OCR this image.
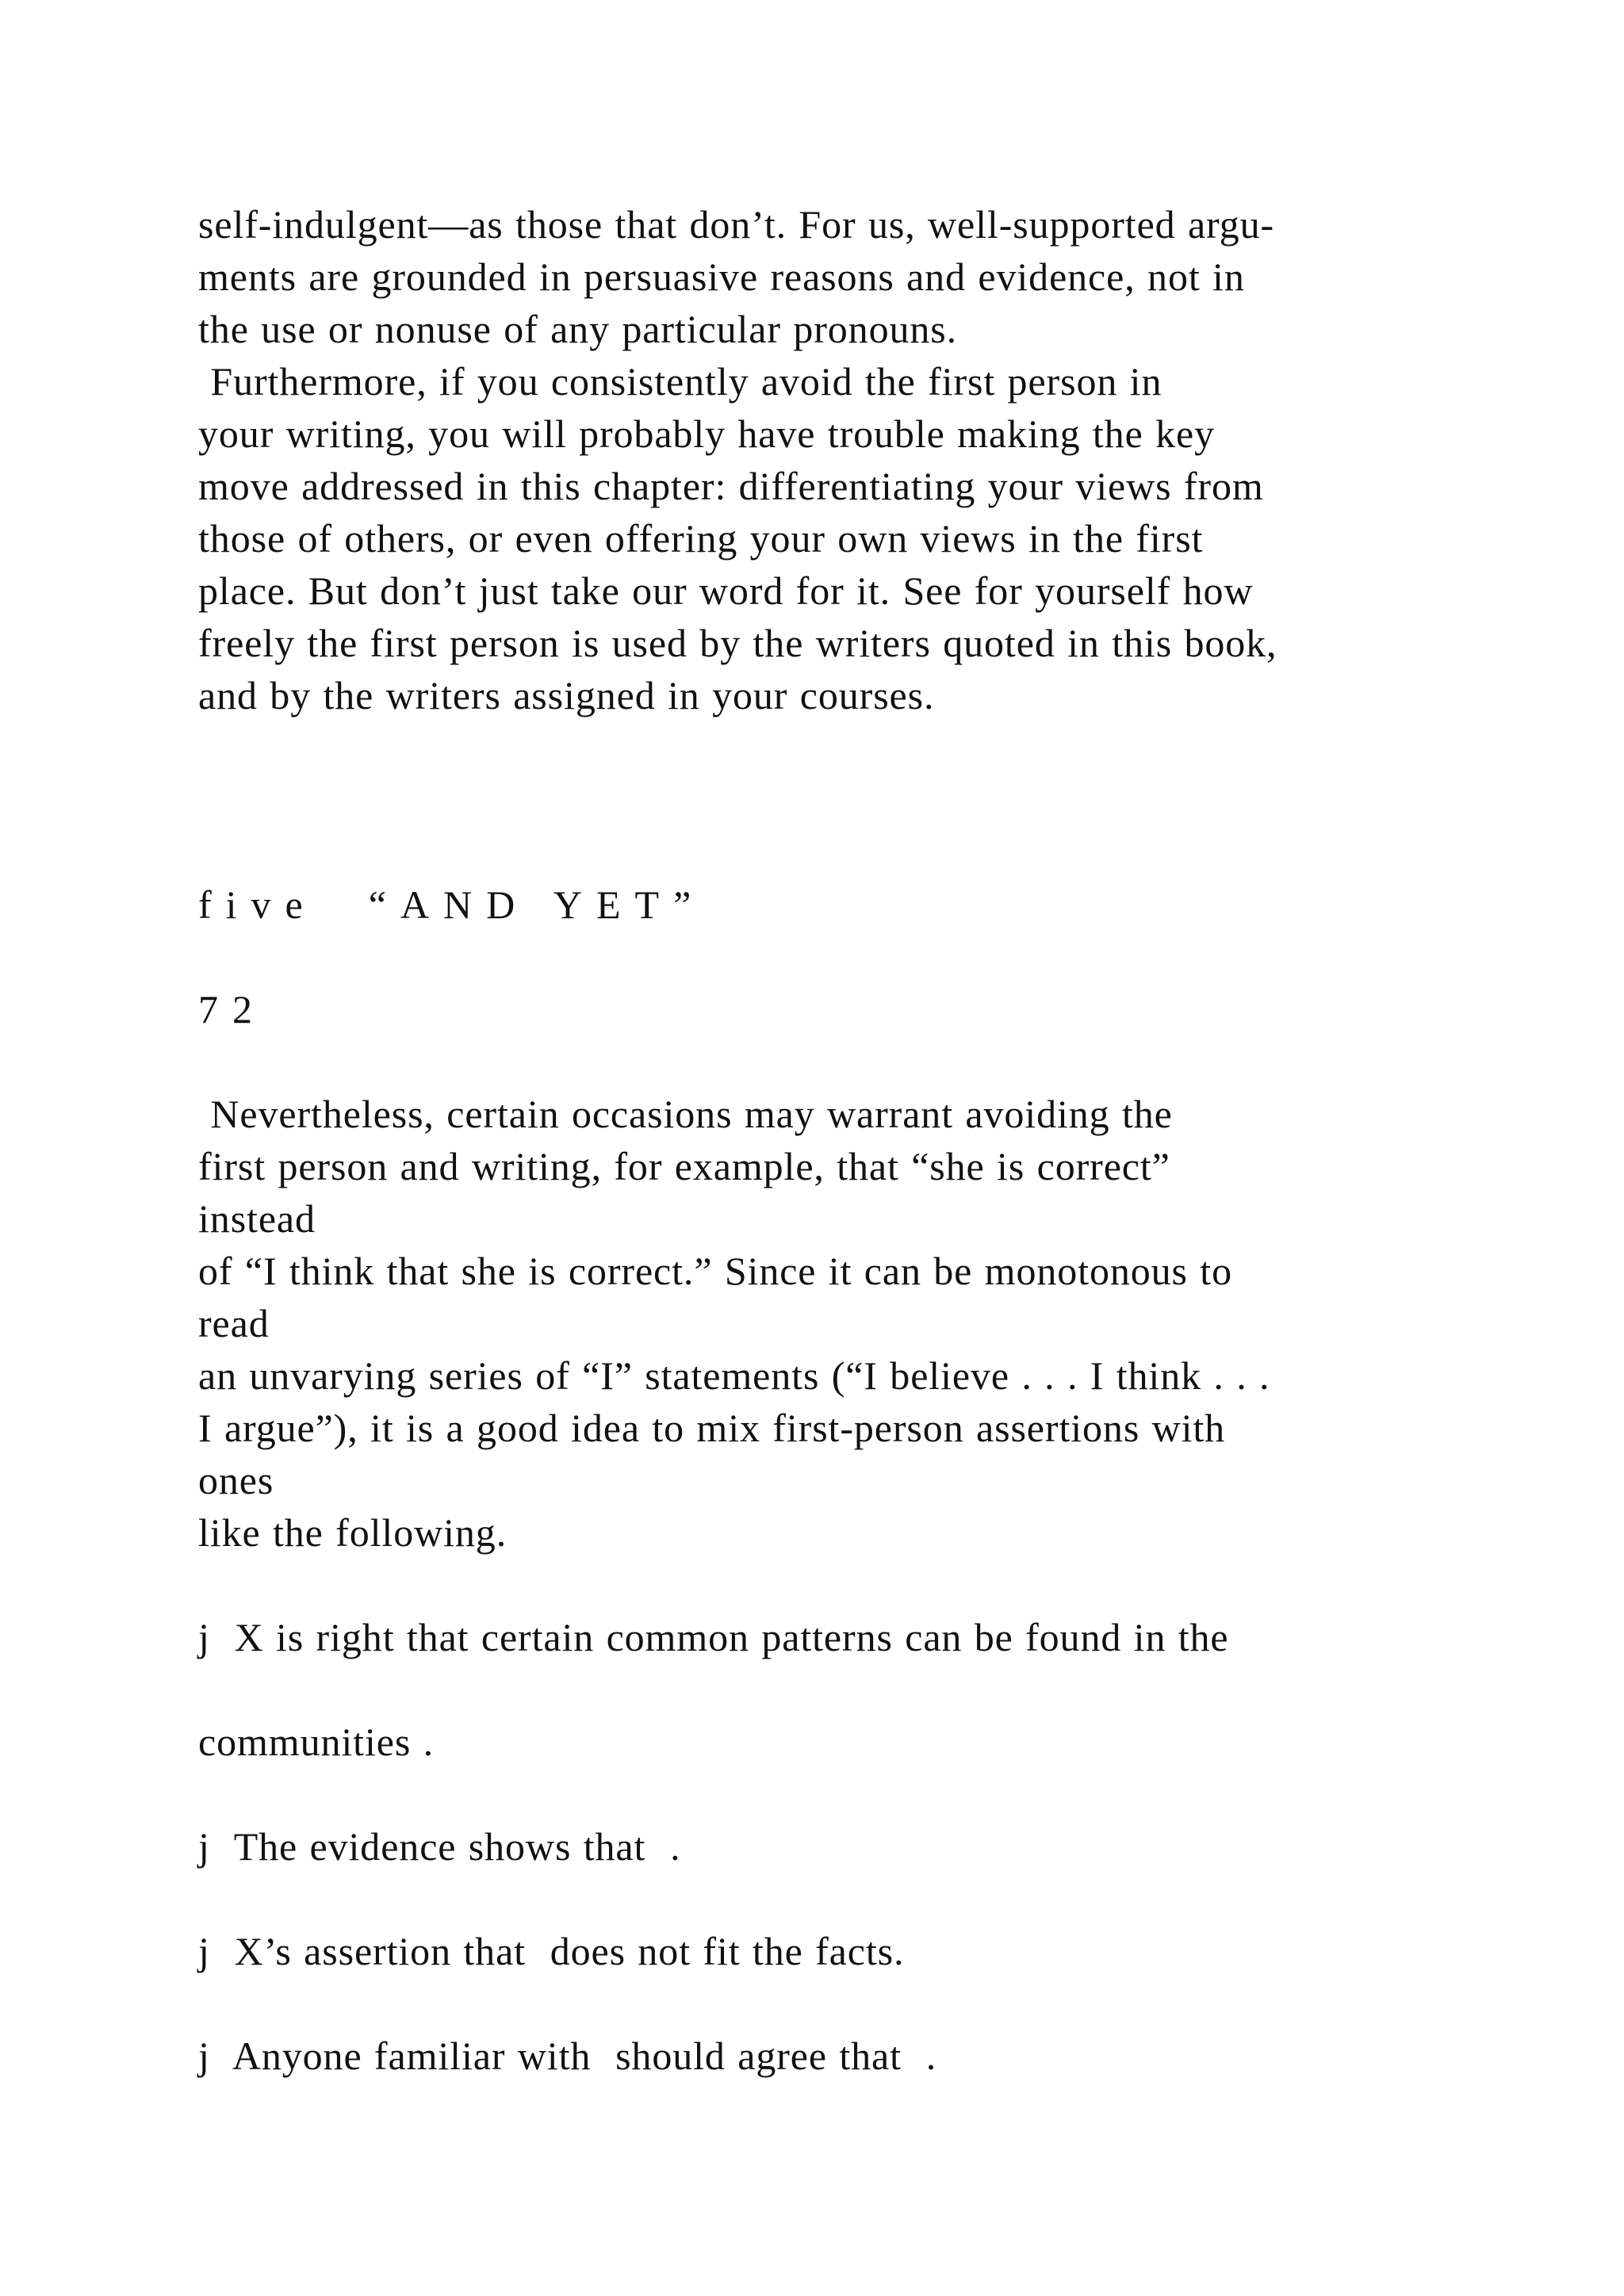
self-indulgent—as those that don’t. For us, well-supported argu-
ments are grounded in persuasive reasons and evidence, not in
the use or nonuse of any particular pronouns.
Furthermore, if you consistently avoid the first person in
your writing, you will probably have trouble making the key
move addressed in this chapter: differentiating your views from
those of others, or even offering your own views in the first
place. But don’t just take our word for it. See for yourself how
freely the first person is used by the writers quoted in this book,
and by the writers assigned in your courses.
five  “AND YET”
72
Nevertheless, certain occasions may warrant avoiding the
first person and writing, for example, that “she is correct”
instead
of “I think that she is correct.” Since it can be monotonous to
read
an unvarying series of “I” statements (“I believe . . . I think . . .
I argue”), it is a good idea to mix first-person assertions with
ones
like the following.
j  X is right that certain common patterns can be found in the
communities .
j  The evidence shows that  .
j  X’s assertion that  does not fit the facts.
j  Anyone familiar with  should agree that  .
